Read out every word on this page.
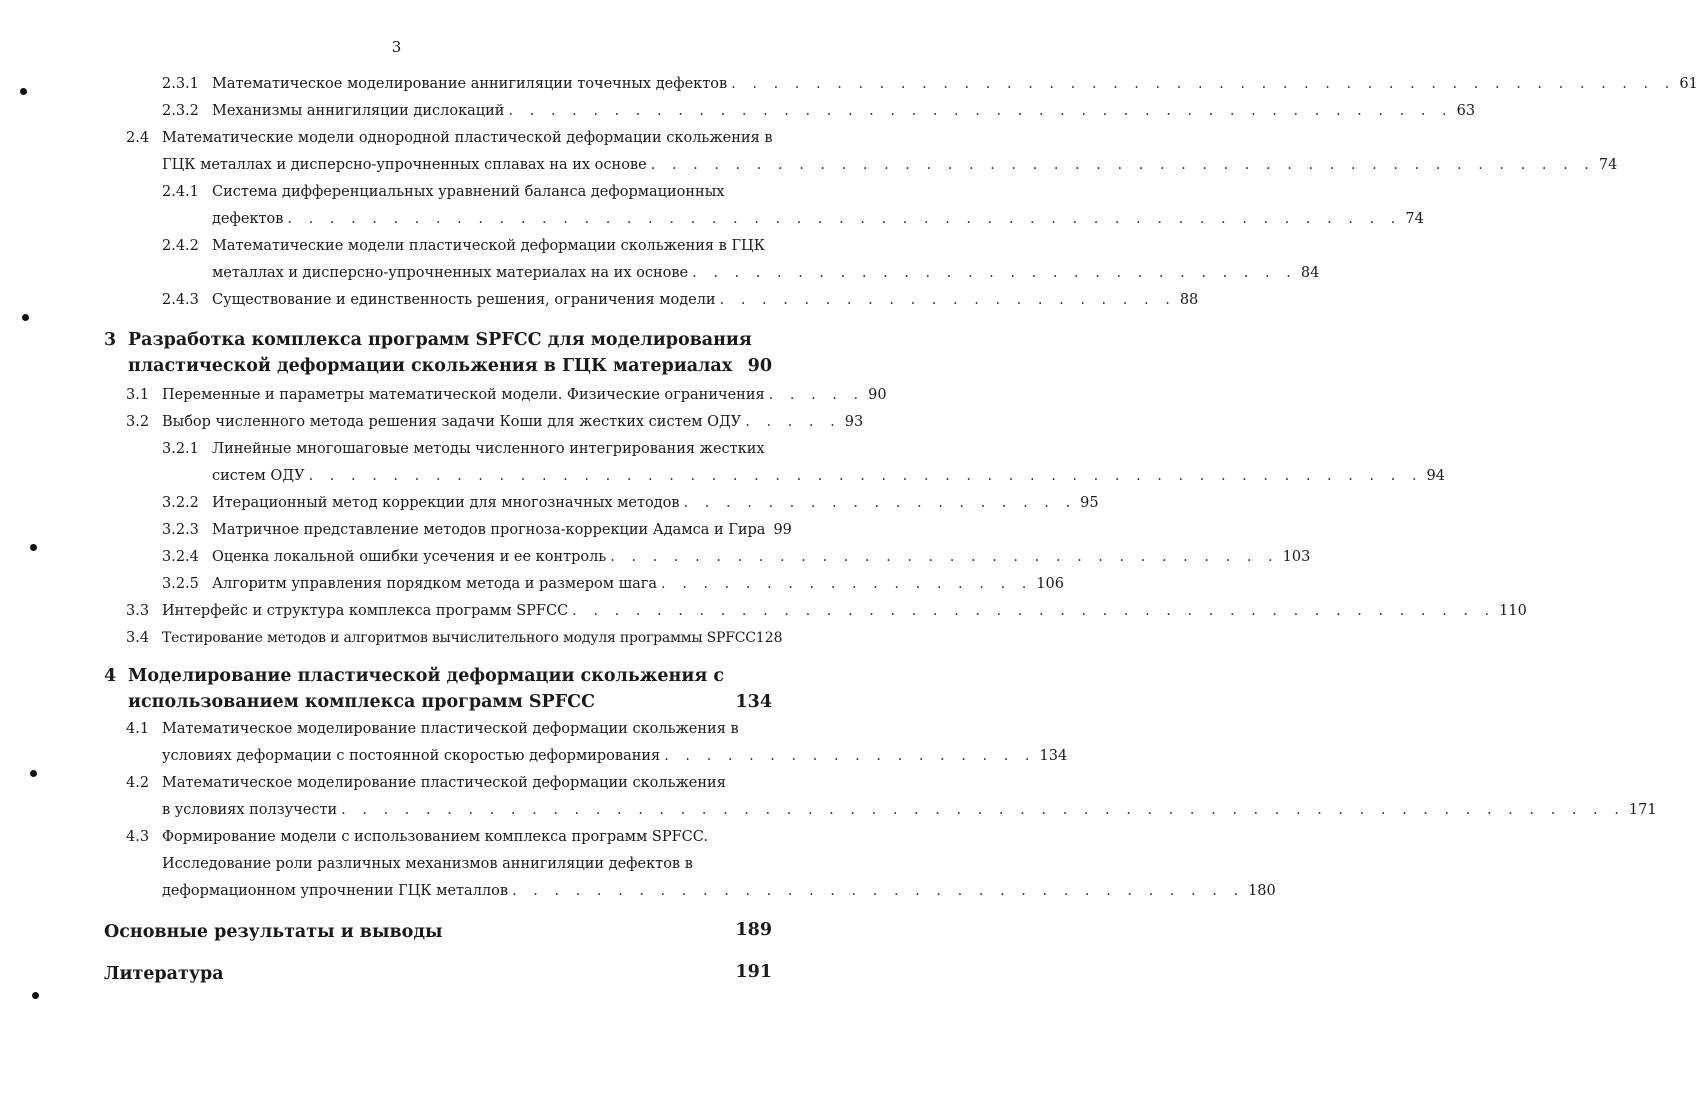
3
2.3.1 Математическое моделирование аннигиляции точечных дефектов . . . . . . . . . . . . . . . . . . . . . . . . . . . . . . . . . . . . . . . . . . . . . 61
2.3.2 Механизмы аннигиляции дислокаций . . . . . . . . . . . . . . . . . . . . . . . . . . . . . . . . . . . . . . . . . . . . . 63
2.4 Математические модели однородной пластической деформации скольжения в
ГЦК металлах и дисперсно-упрочненных сплавах на их основе . . . . . . . . . . . . . . . . . . . . . . . . . . . . . . . . . . . . . . . . . . . . . 74
2.4.1 Система дифференциальных уравнений баланса деформационных
дефектов . . . . . . . . . . . . . . . . . . . . . . . . . . . . . . . . . . . . . . . . . . . . . . . . . . . . . 74
2.4.2 Математические модели пластической деформации скольжения в ГЦК
металлах и дисперсно-упрочненных материалах на их основе . . . . . . . . . . . . . . . . . . . . . . . . . . . . . 84
2.4.3 Существование и единственность решения, ограничения модели . . . . . . . . . . . . . . . . . . . . . . 88
3 Разработка комплекса программ SPFCC для моделирования
пластической деформации скольжения в ГЦК материалах 90
3.1 Переменные и параметры математической модели. Физические ограничения . . . . . 90
3.2 Выбор численного метода решения задачи Коши для жестких систем ОДУ . . . . . 93
3.2.1 Линейные многошаговые методы численного интегрирования жестких
систем ОДУ . . . . . . . . . . . . . . . . . . . . . . . . . . . . . . . . . . . . . . . . . . . . . . . . . . . . . 94
3.2.2 Итерационный метод коррекции для многозначных методов . . . . . . . . . . . . . . . . . . . 95
3.2.3 Матричное представление методов прогноза-коррекции Адамса и Гира 99
3.2.4 Оценка локальной ошибки усечения и ее контроль . . . . . . . . . . . . . . . . . . . . . . . . . . . . . . . . 103
3.2.5 Алгоритм управления порядком метода и размером шага . . . . . . . . . . . . . . . . . . 106
3.3 Интерфейс и структура комплекса программ SPFCC . . . . . . . . . . . . . . . . . . . . . . . . . . . . . . . . . . . . . . . . . . . . 110
3.4 Тестирование методов и алгоритмов вычислительного модуля программы SPFCC 128
4 Моделирование пластической деформации скольжения с
использованием комплекса программ SPFCC	134
4.1 Математическое моделирование пластической деформации скольжения в
условиях деформации с постоянной скоростью деформирования . . . . . . . . . . . . . . . . . . 134
4.2 Математическое моделирование пластической деформации скольжения
в условиях ползучести . . . . . . . . . . . . . . . . . . . . . . . . . . . . . . . . . . . . . . . . . . . . . . . . . . . . . . . . . . . . . 171
4.3 Формирование модели с использованием комплекса программ SPFCC.
Исследование роли различных механизмов аннигиляции дефектов в
деформационном упрочнении ГЦК металлов . . . . . . . . . . . . . . . . . . . . . . . . . . . . . . . . . . . 180
Основные результаты и выводы	189
Литература	191
